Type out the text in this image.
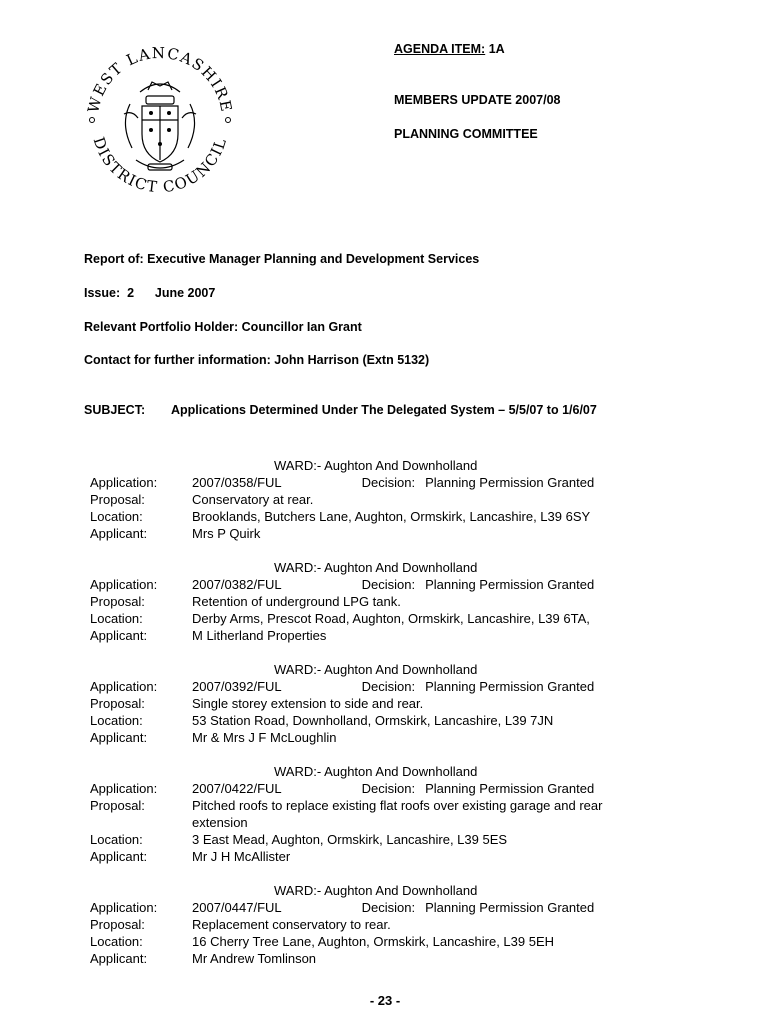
WEST LANCASHIRE
DISTRICT COUNCIL
AGENDA ITEM: 1A
MEMBERS UPDATE 2007/08
PLANNING COMMITTEE
Report of: Executive Manager Planning and Development Services
Issue:  2      June 2007
Relevant Portfolio Holder: Councillor Ian Grant
Contact for further information: John Harrison (Extn 5132)
SUBJECT: Applications Determined Under The Delegated System – 5/5/07 to 1/6/07
WARD:- Aughton And Downholland
Application:	2007/0358/FUL	Decision: Planning Permission Granted
Proposal:	Conservatory at rear.
Location:	Brooklands, Butchers Lane, Aughton, Ormskirk, Lancashire, L39 6SY
Applicant:	Mrs P Quirk
WARD:- Aughton And Downholland
Application:	2007/0382/FUL	Decision: Planning Permission Granted
Proposal:	Retention of underground LPG tank.
Location:	Derby Arms, Prescot Road, Aughton, Ormskirk, Lancashire, L39 6TA,
Applicant:	M Litherland Properties
WARD:- Aughton And Downholland
Application:	2007/0392/FUL	Decision: Planning Permission Granted
Proposal:	Single storey extension to side and rear.
Location:	53 Station Road, Downholland, Ormskirk, Lancashire, L39 7JN
Applicant:	Mr & Mrs J F McLoughlin
WARD:- Aughton And Downholland
Application:	2007/0422/FUL	Decision: Planning Permission Granted
Proposal:	Pitched roofs to replace existing flat roofs over existing garage and rear extension
Location:	3 East Mead, Aughton, Ormskirk, Lancashire, L39 5ES
Applicant:	Mr J H McAllister
WARD:- Aughton And Downholland
Application:	2007/0447/FUL	Decision: Planning Permission Granted
Proposal:	Replacement conservatory to rear.
Location:	16 Cherry Tree Lane, Aughton, Ormskirk, Lancashire, L39 5EH
Applicant:	Mr Andrew Tomlinson
- 23 -
